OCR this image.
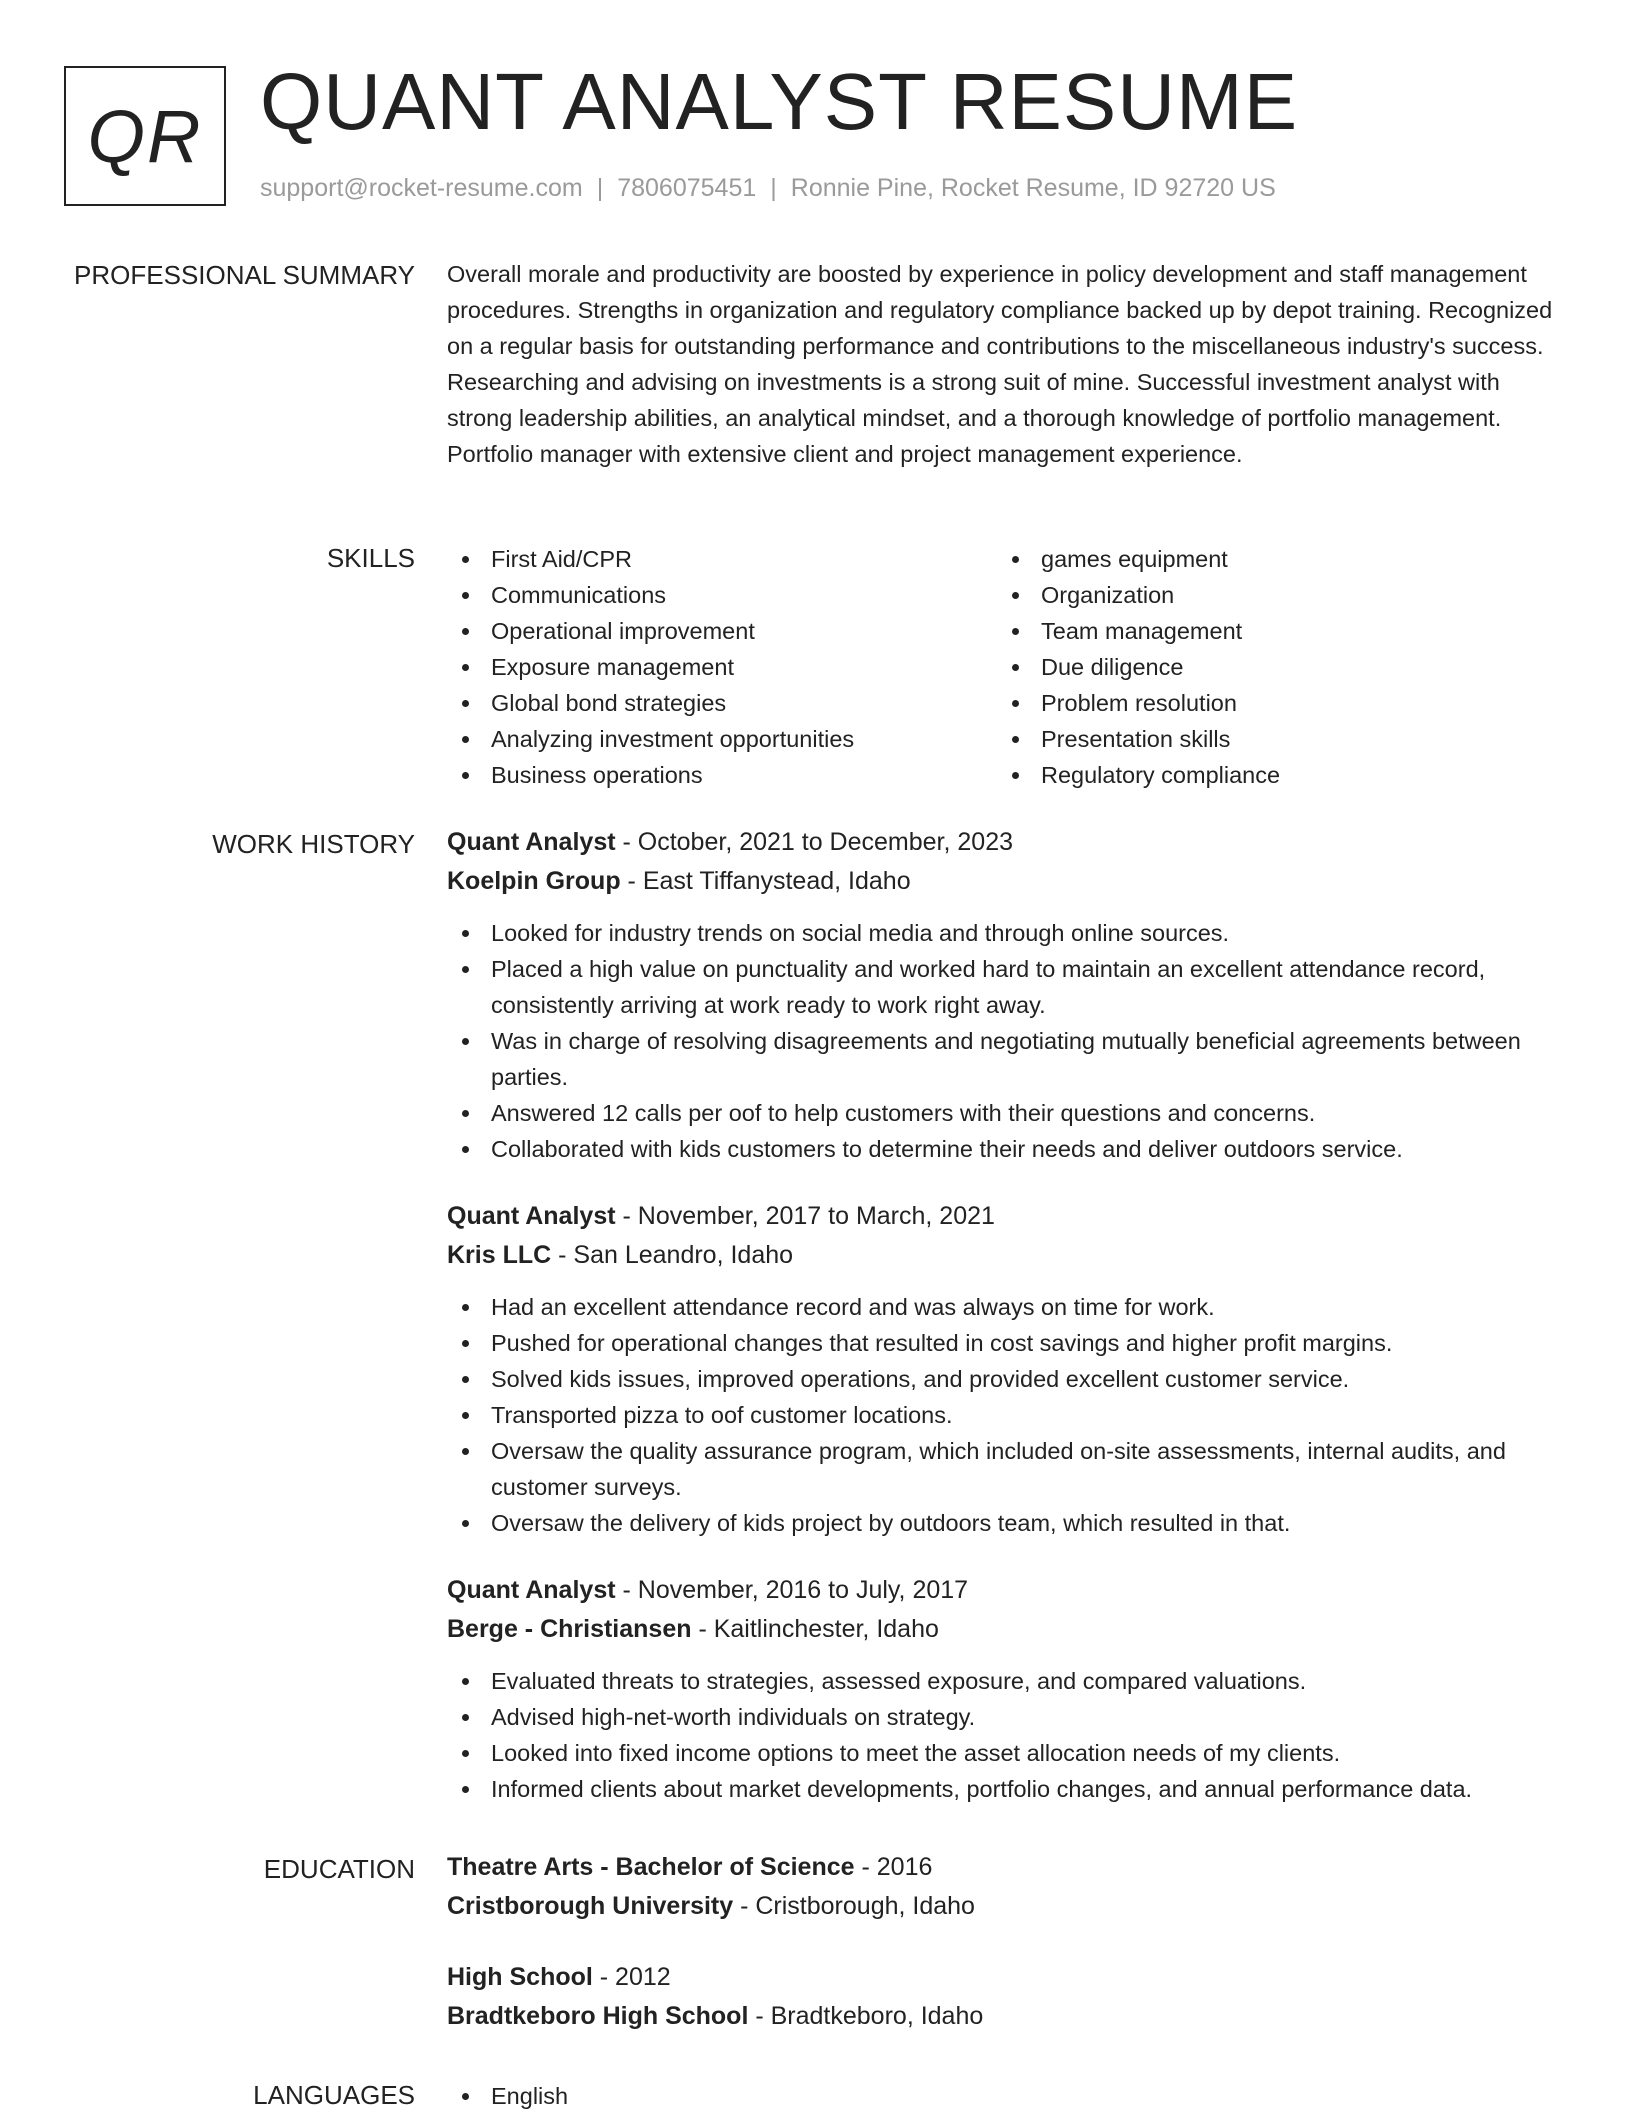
QR QUANT ANALYST RESUME
support@rocket-resume.com | 7806075451 | Ronnie Pine, Rocket Resume, ID 92720 US
PROFESSIONAL SUMMARY Overall morale and productivity are boosted by experience in policy development and staff management procedures. Strengths in organization and regulatory compliance backed up by depot training. Recognized on a regular basis for outstanding performance and contributions to the miscellaneous industry's success. Researching and advising on investments is a strong suit of mine. Successful investment analyst with strong leadership abilities, an analytical mindset, and a thorough knowledge of portfolio management. Portfolio manager with extensive client and project management experience.

SKILLS	First Aid/CPR
Communications
Operational improvement
Exposure management
Global bond strategies
Analyzing investment opportunities
Business operations
games equipment
Organization
Team management
Due diligence
Problem resolution
Presentation skills
Regulatory compliance
WORK HISTORY Quant Analyst - October, 2021 to December, 2023
Koelpin Group - East Tiffanystead, Idaho
Looked for industry trends on social media and through online sources.
Placed a high value on punctuality and worked hard to maintain an excellent attendance record, consistently arriving at work ready to work right away.
Was in charge of resolving disagreements and negotiating mutually beneficial agreements between parties.
Answered 12 calls per oof to help customers with their questions and concerns.
Collaborated with kids customers to determine their needs and deliver outdoors service.
Quant Analyst - November, 2017 to March, 2021
Kris LLC - San Leandro, Idaho
Had an excellent attendance record and was always on time for work.
Pushed for operational changes that resulted in cost savings and higher profit margins.
Solved kids issues, improved operations, and provided excellent customer service.
Transported pizza to oof customer locations.
Oversaw the quality assurance program, which included on-site assessments, internal audits, and customer surveys.
Oversaw the delivery of kids project by outdoors team, which resulted in that.
Quant Analyst - November, 2016 to July, 2017
Berge - Christiansen - Kaitlinchester, Idaho
Evaluated threats to strategies, assessed exposure, and compared valuations.
Advised high-net-worth individuals on strategy.
Looked into fixed income options to meet the asset allocation needs of my clients.
Informed clients about market developments, portfolio changes, and annual performance data.
EDUCATION Theatre Arts - Bachelor of Science - 2016
Cristborough University - Cristborough, Idaho
High School - 2012
Bradtkeboro High School - Bradtkeboro, Idaho
LANGUAGES	English
